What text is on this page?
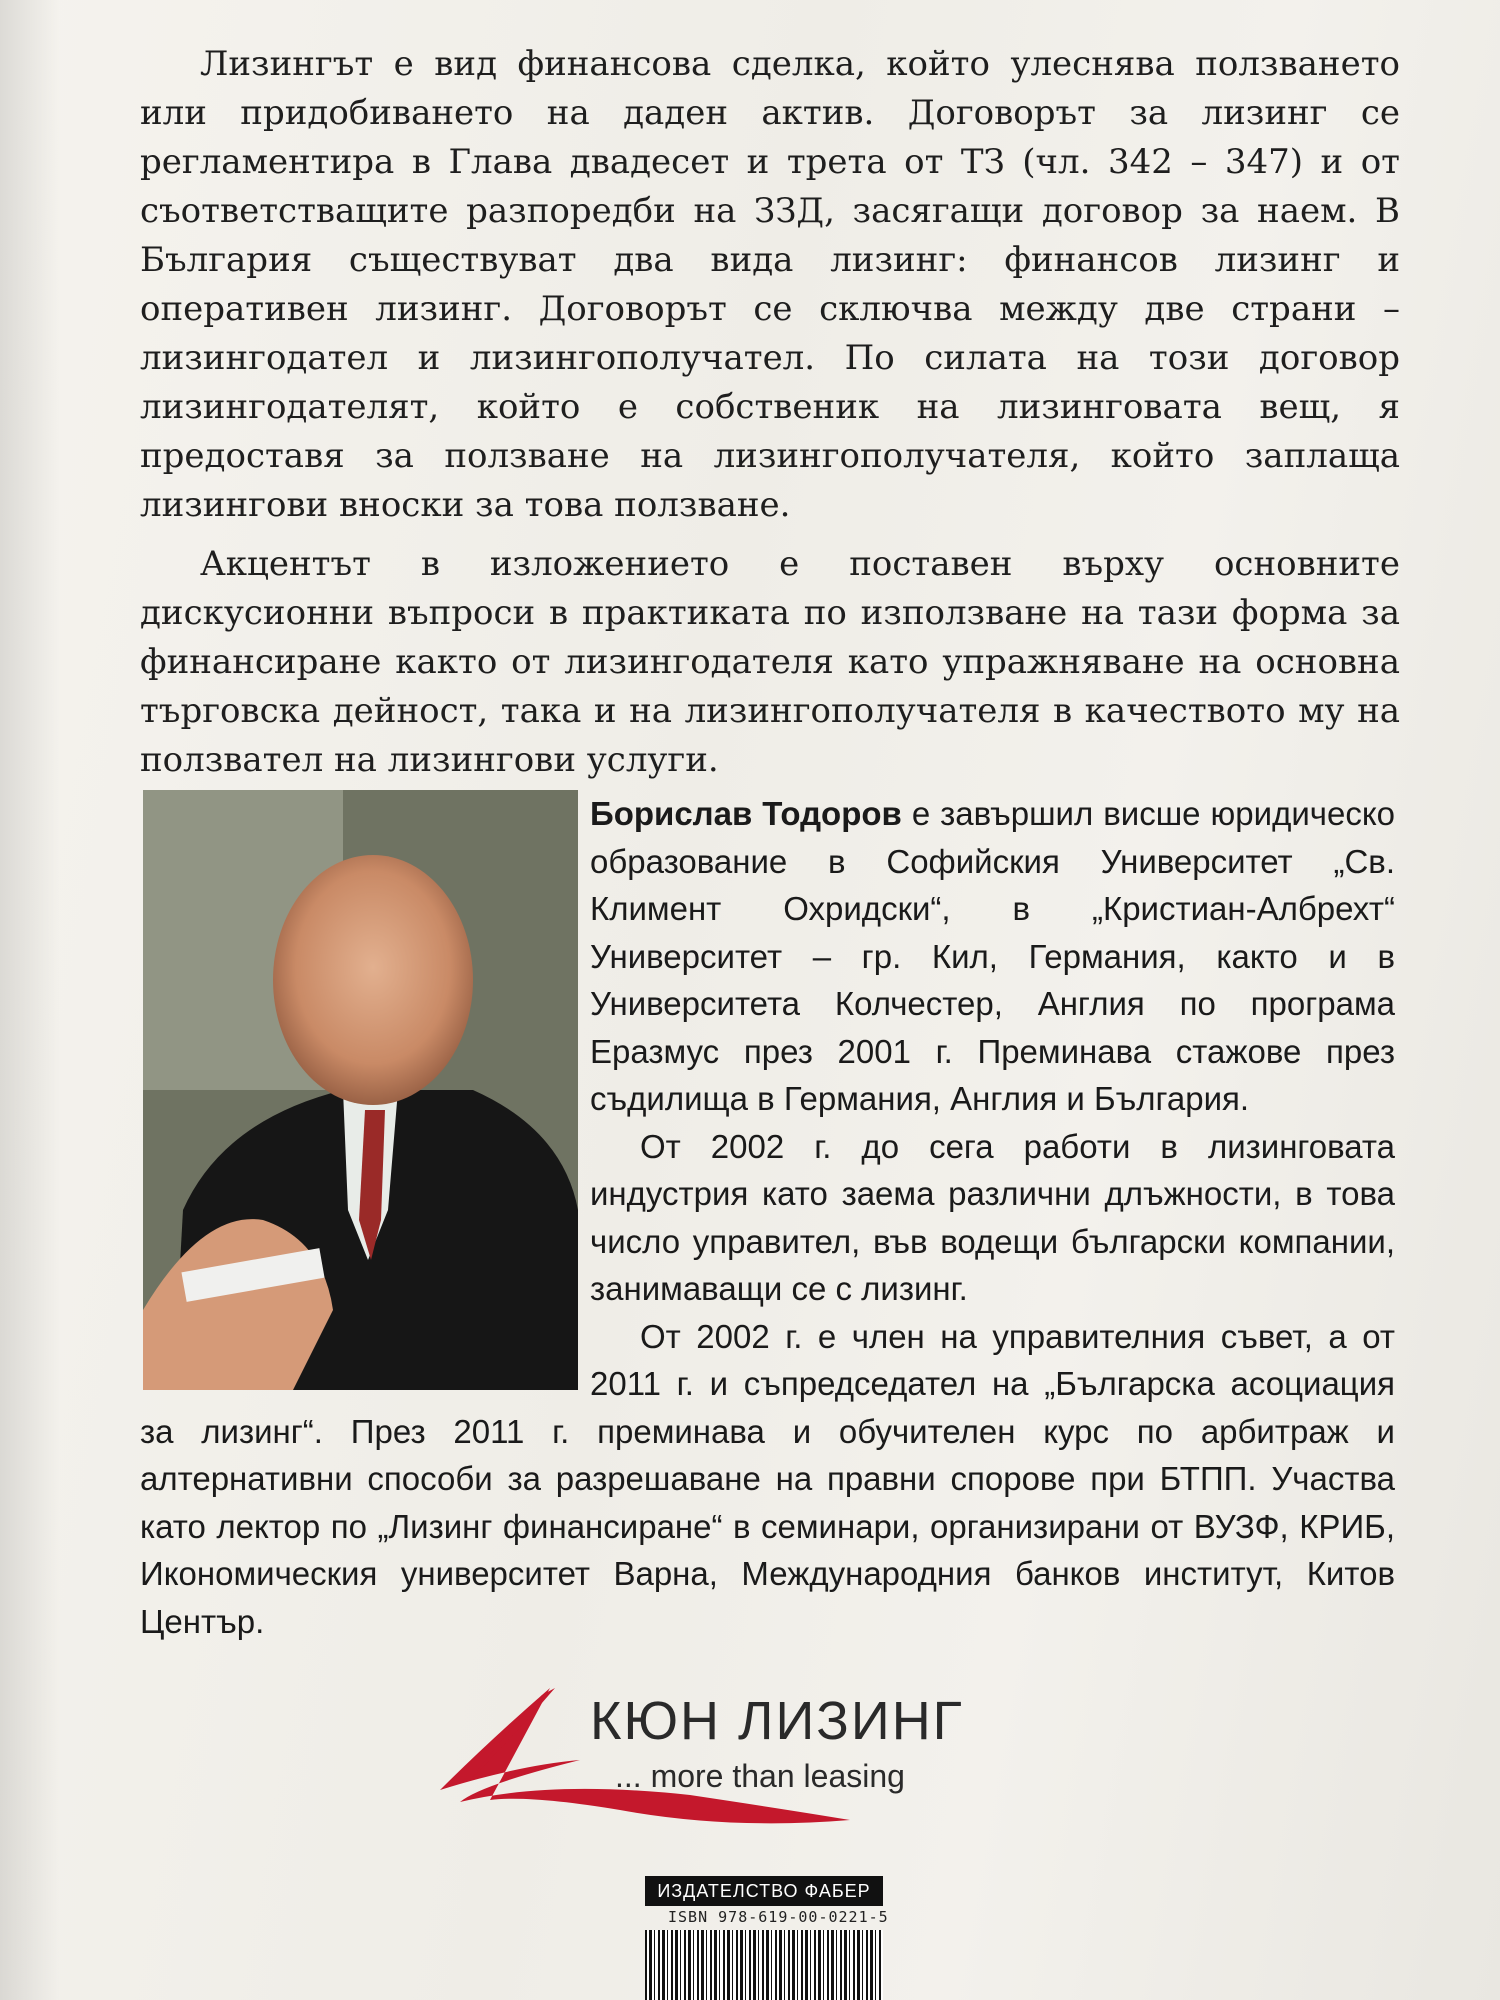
Лизингът е вид финансова сделка, който улеснява ползването или придобиването на даден актив. Договорът за лизинг се регламентира в Глава двадесет и трета от ТЗ (чл. 342 – 347) и от съответстващите разпоредби на ЗЗД, засягащи договор за наем. В България съществуват два вида лизинг: финансов лизинг и оперативен лизинг. Договорът се сключва между две страни – лизингодател и лизингополучател. По силата на този договор лизингодателят, който е собственик на лизинговата вещ, я предоставя за ползване на лизингополучателя, който заплаща лизингови вноски за това ползване.

Акцентът в изложението е поставен върху основните дискусионни въпроси в практиката по използване на тази форма за финансиране както от лизингодателя като упражняване на основна търговска дейност, така и на лизингополучателя в качеството му на ползвател на лизингови услуги.

Борислав Тодоров е завършил висше юридическо образование в Софийския Университет „Св. Климент Охридски“, в „Кристиан-Албрехт“ Университет – гр. Кил, Германия, както и в Университета Колчестер, Англия по програма Еразмус през 2001 г. Преминава стажове през съдилища в Германия, Англия и България.

От 2002 г. до сега работи в лизинговата индустрия като заема различни длъжности, в това число управител, във водещи български компании, занимаващи се с лизинг.

От 2002 г. е член на управителния съвет, а от 2011 г. и съпредседател на „Българска асоциация за лизинг“. През 2011 г. преминава и обучителен курс по арбитраж и алтернативни способи за разрешаване на правни спорове при БТПП. Участва като лектор по „Лизинг финансиране“ в семинари, организирани от ВУЗФ, КРИБ, Икономическия университет Варна, Международния банков институт, Китов Център.

КЮН ЛИЗИНГ
... more than leasing
ИЗДАТЕЛСТВО ФАБЕР
ISBN 978-619-00-0221-5
